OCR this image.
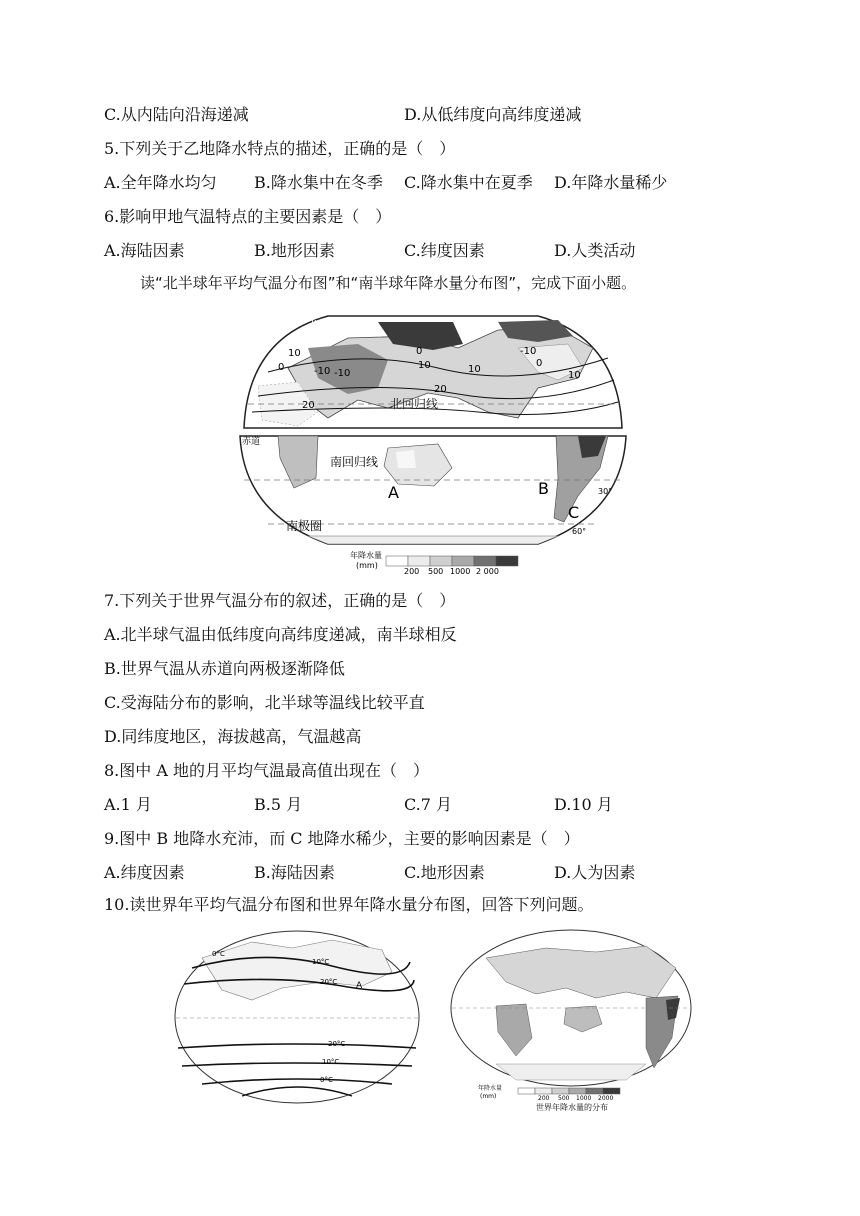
C.从内陆向沿海递减	D.从低纬度向高纬度递减
5.下列关于乙地降水特点的描述，正确的是（　）
A.全年降水均匀 B.降水集中在冬季 C.降水集中在夏季 D.年降水量稀少
6.影响甲地气温特点的主要因素是（　）
A.海陆因素	B.地形因素	C.纬度因素	D.人类活动
读“北半球年平均气温分布图”和“南半球年降水量分布图”，完成下面小题。
北极圈
北回归线
10
0	-10 -10
0
10	10
-10
0
20
20
10
赤道
南回归线
南极圈
A	B
C
30°
60°
年降水量
(mm)
200 500 1000 2 000
7.下列关于世界气温分布的叙述，正确的是（　）
A.北半球气温由低纬度向高纬度递减，南半球相反
B.世界气温从赤道向两极逐渐降低
C.受海陆分布的影响，北半球等温线比较平直
D.同纬度地区，海拔越高，气温越高
8.图中 A 地的月平均气温最高值出现在（　）
A.1 月	B.5 月	C.7 月	D.10 月
9.图中 B 地降水充沛，而 C 地降水稀少，主要的影响因素是（　）
A.纬度因素	B.海陆因素	C.地形因素	D.人为因素
10.读世界年平均气温分布图和世界年降水量分布图，回答下列问题。
0°C
10°C
20°C
20°C
10°C
0°C
A
年降水量
(mm)	200 500 1000 2000
世界年降水量的分布
